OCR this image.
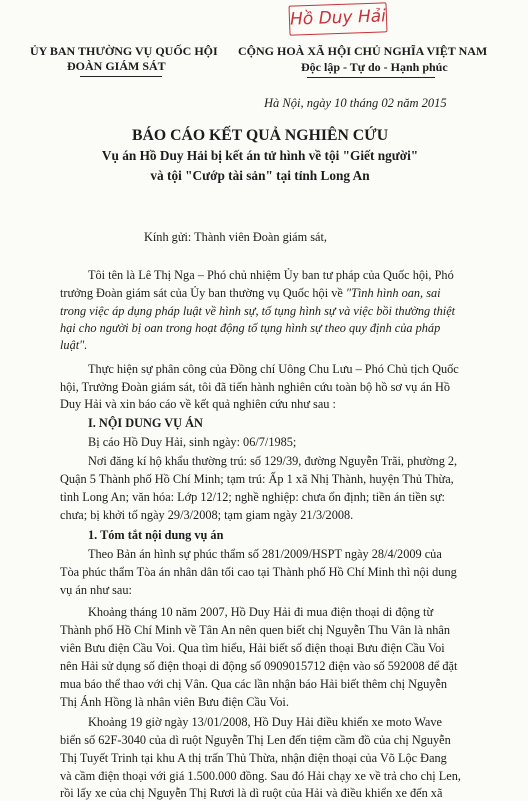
Hồ Duy Hải
ỦY BAN THƯỜNG VỤ QUỐC HỘI
ĐOÀN GIÁM SÁT
CỘNG HOÀ XÃ HỘI CHỦ NGHĨA VIỆT NAM
Độc lập - Tự do - Hạnh phúc
Hà Nội, ngày 10 tháng 02 năm 2015
BÁO CÁO KẾT QUẢ NGHIÊN CỨU
Vụ án Hồ Duy Hải bị kết án tử hình về tội "Giết người"
và tội "Cướp tài sản" tại tỉnh Long An
Kính gửi: Thành viên Đoàn giám sát,
Tôi tên là Lê Thị Nga – Phó chủ nhiệm Ủy ban tư pháp của Quốc hội, Phó
trưởng Đoàn giám sát của Ủy ban thường vụ Quốc hội về "Tình hình oan, sai
trong việc áp dụng pháp luật về hình sự, tố tụng hình sự và việc bồi thường thiệt
hại cho người bị oan trong hoạt động tố tụng hình sự theo quy định của pháp
luật".
Thực hiện sự phân công của Đồng chí Uông Chu Lưu – Phó Chủ tịch Quốc
hội, Trưởng Đoàn giám sát, tôi đã tiến hành nghiên cứu toàn bộ hồ sơ vụ án Hồ
Duy Hải và xin báo cáo về kết quả nghiên cứu như sau :
I. NỘI DUNG VỤ ÁN
Bị cáo Hồ Duy Hải, sinh ngày: 06/7/1985;
Nơi đăng kí hộ khẩu thường trú: số 129/39, đường Nguyễn Trãi, phường 2,
Quận 5 Thành phố Hồ Chí Minh; tạm trú: Ấp 1 xã Nhị Thành, huyện Thủ Thừa,
tỉnh Long An; văn hóa: Lớp 12/12; nghề nghiệp: chưa ổn định; tiền án tiền sự:
chưa; bị khởi tố ngày 29/3/2008; tạm giam ngày 21/3/2008.
1. Tóm tắt nội dung vụ án
Theo Bản án hình sự phúc thẩm số 281/2009/HSPT ngày 28/4/2009 của
Tòa phúc thẩm Tòa án nhân dân tối cao tại Thành phố Hồ Chí Minh thì nội dung
vụ án như sau:
Khoảng tháng 10 năm 2007, Hồ Duy Hải đi mua điện thoại di động từ
Thành phố Hồ Chí Minh về Tân An nên quen biết chị Nguyễn Thu Vân là nhân
viên Bưu điện Cầu Voi. Qua tìm hiểu, Hải biết số điện thoại Bưu điện Cầu Voi
nên Hải sử dụng số điện thoại di động số 0909015712 điện vào số 592008 để đặt
mua báo thể thao với chị Vân. Qua các lần nhận báo Hải biết thêm chị Nguyễn
Thị Ánh Hồng là nhân viên Bưu điện Cầu Voi.
Khoảng 19 giờ ngày 13/01/2008, Hồ Duy Hải điều khiển xe moto Wave
biển số 62F-3040 của dì ruột Nguyễn Thị Len đến tiệm cầm đồ của chị Nguyễn
Thị Tuyết Trinh tại khu A thị trấn Thủ Thừa, nhận điện thoại của Võ Lộc Đang
và cầm điện thoại với giá 1.500.000 đồng. Sau đó Hải chạy xe về trả cho chị Len,
rồi lấy xe của chị Nguyễn Thị Rươi là dì ruột của Hải và điều khiển xe đến xã
